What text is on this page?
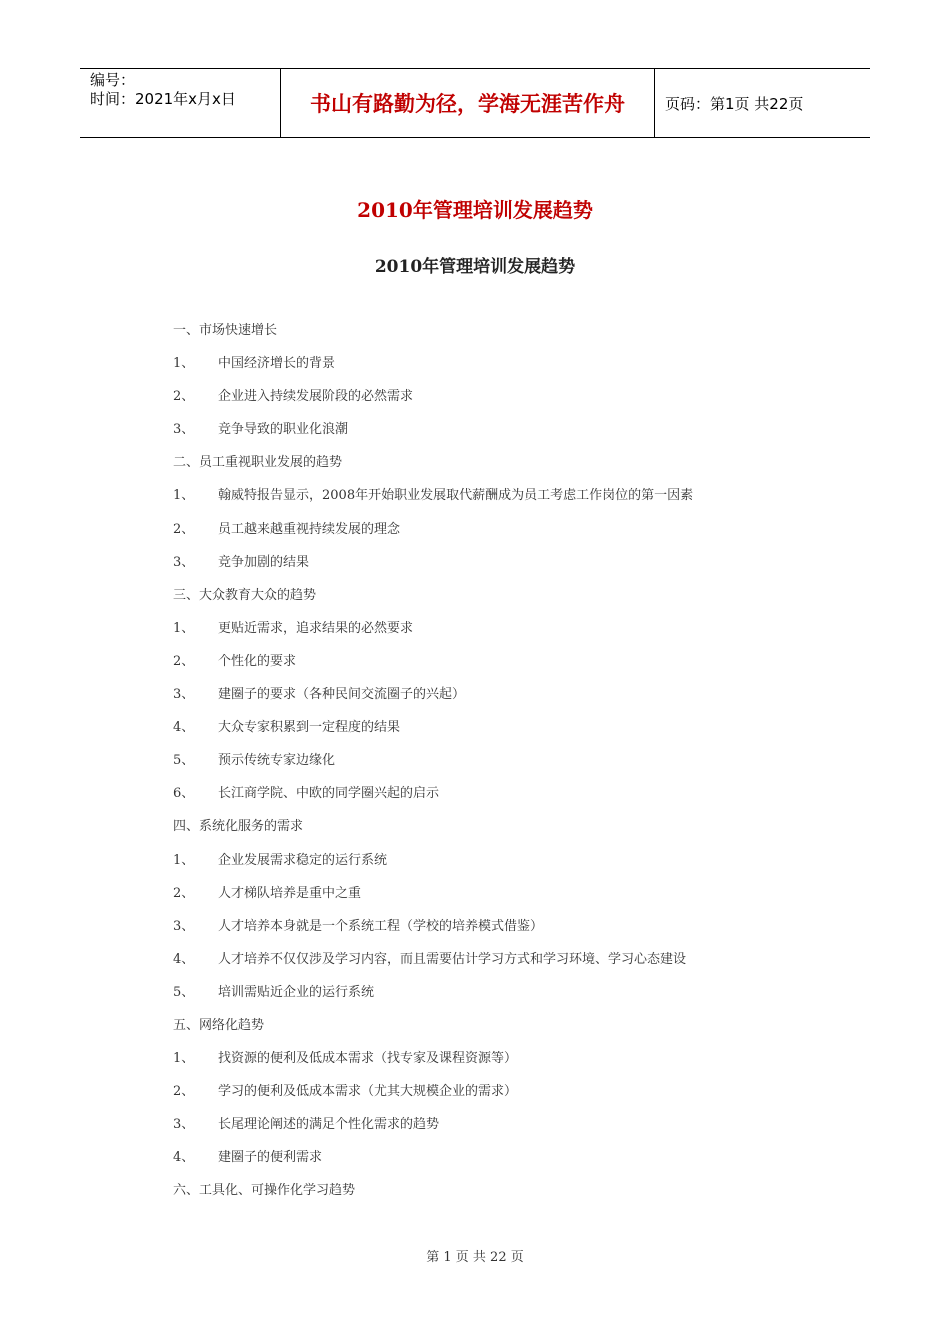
编号：
时间：2021年x月x日	书山有路勤为径，学海无涯苦作舟	页码：第1页 共22页
2010年管理培训发展趋势
2010年管理培训发展趋势
一、市场快速增长
1、 中国经济增长的背景
2、 企业进入持续发展阶段的必然需求
3、 竞争导致的职业化浪潮
二、员工重视职业发展的趋势
1、 翰威特报告显示，2008年开始职业发展取代薪酬成为员工考虑工作岗位的第一因素
2、 员工越来越重视持续发展的理念
3、 竞争加剧的结果
三、大众教育大众的趋势
1、 更贴近需求，追求结果的必然要求
2、 个性化的要求
3、 建圈子的要求（各种民间交流圈子的兴起）
4、 大众专家积累到一定程度的结果
5、 预示传统专家边缘化
6、 长江商学院、中欧的同学圈兴起的启示
四、系统化服务的需求
1、 企业发展需求稳定的运行系统
2、 人才梯队培养是重中之重
3、 人才培养本身就是一个系统工程（学校的培养模式借鉴）
4、 人才培养不仅仅涉及学习内容，而且需要估计学习方式和学习环境、学习心态建设
5、 培训需贴近企业的运行系统
五、网络化趋势
1、 找资源的便利及低成本需求（找专家及课程资源等）
2、 学习的便利及低成本需求（尤其大规模企业的需求）
3、 长尾理论阐述的满足个性化需求的趋势
4、 建圈子的便利需求
六、工具化、可操作化学习趋势
第 1 页 共 22 页
